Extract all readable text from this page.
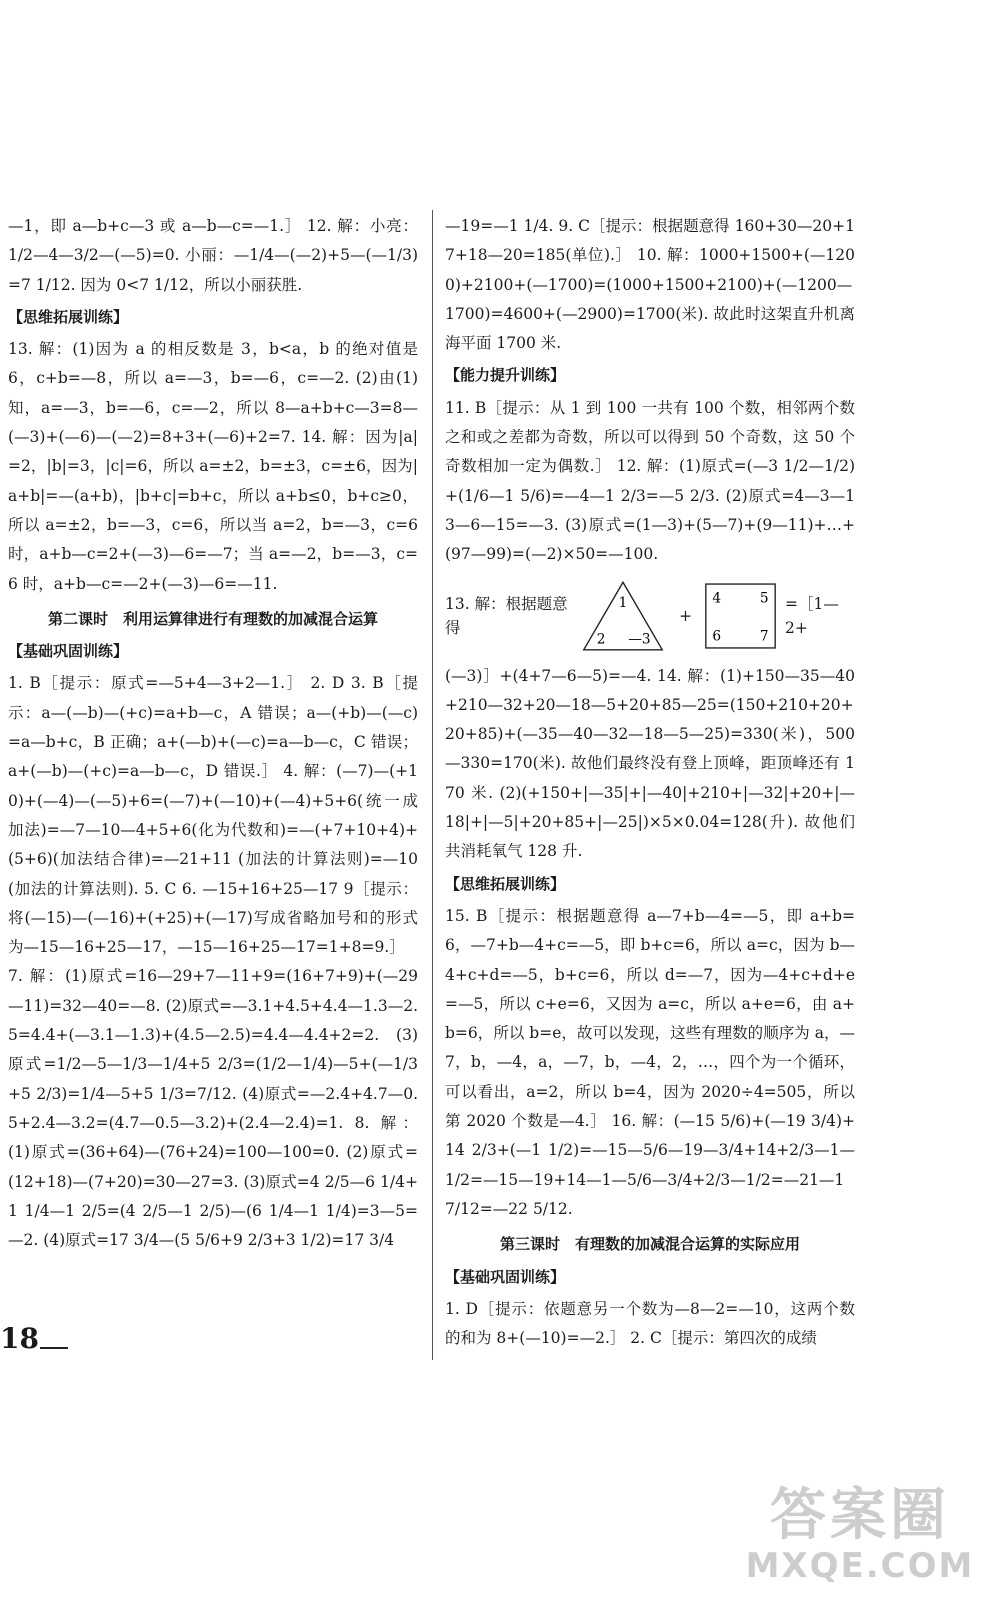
—1，即 a—b+c—3 或 a—b—c=—1.］ 12. 解：小亮：1/2—4—3/2—(—5)=0. 小丽：—1/4—(—2)+5—(—1/3)=7 1/12. 因为 0<7 1/12，所以小丽获胜.

【思维拓展训练】

13. 解：(1)因为 a 的相反数是 3，b<a，b 的绝对值是 6，c+b=—8，所以 a=—3，b=—6，c=—2. (2)由(1)知，a=—3，b=—6，c=—2，所以 8—a+b+c—3=8—(—3)+(—6)—(—2)=8+3+(—6)+2=7. 14. 解：因为|a|=2，|b|=3，|c|=6，所以 a=±2，b=±3，c=±6，因为|a+b|=—(a+b)，|b+c|=b+c，所以 a+b≤0，b+c≥0，所以 a=±2，b=—3，c=6，所以当 a=2，b=—3，c=6 时，a+b—c=2+(—3)—6=—7；当 a=—2，b=—3，c=6 时，a+b—c=—2+(—3)—6=—11.

第二课时　利用运算律进行有理数的加减混合运算
【基础巩固训练】

1. B［提示：原式=—5+4—3+2—1.］ 2. D 3. B［提示：a—(—b)—(+c)=a+b—c，A 错误；a—(+b)—(—c)=a—b+c，B 正确；a+(—b)+(—c)=a—b—c，C 错误；a+(—b)—(+c)=a—b—c，D 错误.］ 4. 解：(—7)—(+10)+(—4)—(—5)+6=(—7)+(—10)+(—4)+5+6(统一成加法)=—7—10—4+5+6(化为代数和)=—(+7+10+4)+(5+6)(加法结合律)=—21+11 (加法的计算法则)=—10 (加法的计算法则). 5. C 6. —15+16+25—17 9［提示：将(—15)—(—16)+(+25)+(—17)写成省略加号和的形式为—15—16+25—17，—15—16+25—17=1+8=9.］

7. 解：(1)原式=16—29+7—11+9=(16+7+9)+(—29—11)=32—40=—8. (2)原式=—3.1+4.5+4.4—1.3—2.5=4.4+(—3.1—1.3)+(4.5—2.5)=4.4—4.4+2=2. (3)原式=1/2—5—1/3—1/4+5 2/3=(1/2—1/4)—5+(—1/3+5 2/3)=1/4—5+5 1/3=7/12. (4)原式=—2.4+4.7—0.5+2.4—3.2=(4.7—0.5—3.2)+(2.4—2.4)=1. 8. 解：(1)原式=(36+64)—(76+24)=100—100=0. (2)原式=(12+18)—(7+20)=30—27=3. (3)原式=4 2/5—6 1/4+1 1/4—1 2/5=(4 2/5—1 2/5)—(6 1/4—1 1/4)=3—5=—2. (4)原式=17 3/4—(5 5/6+9 2/3+3 1/2)=17 3/4

—19=—1 1/4. 9. C［提示：根据题意得 160+30—20+17+18—20=185(单位).］ 10. 解：1000+1500+(—1200)+2100+(—1700)=(1000+1500+2100)+(—1200—1700)=4600+(—2900)=1700(米). 故此时这架直升机离海平面 1700 米.

【能力提升训练】

11. B［提示：从 1 到 100 一共有 100 个数，相邻两个数之和或之差都为奇数，所以可以得到 50 个奇数，这 50 个奇数相加一定为偶数.］ 12. 解：(1)原式=(—3 1/2—1/2)+(1/6—1 5/6)=—4—1 2/3=—5 2/3. (2)原式=4—3—13—6—15=—3. (3)原式=(1—3)+(5—7)+(9—11)+…+(97—99)=(—2)×50=—100.

13. 解：根据题意得
1
2 —3
+
4	5
6	7
=［1—2+

(—3)］+(4+7—6—5)=—4. 14. 解：(1)+150—35—40+210—32+20—18—5+20+85—25=(150+210+20+20+85)+(—35—40—32—18—5—25)=330(米)，500—330=170(米). 故他们最终没有登上顶峰，距顶峰还有 170 米. (2)(+150+|—35|+|—40|+210+|—32|+20+|—18|+|—5|+20+85+|—25|)×5×0.04=128(升). 故他们共消耗氧气 128 升.

【思维拓展训练】

15. B［提示：根据题意得 a—7+b—4=—5，即 a+b=6，—7+b—4+c=—5，即 b+c=6，所以 a=c，因为 b—4+c+d=—5，b+c=6，所以 d=—7，因为—4+c+d+e=—5，所以 c+e=6，又因为 a=c，所以 a+e=6，由 a+b=6，所以 b=e，故可以发现，这些有理数的顺序为 a，—7，b，—4，a，—7，b，—4，2，…，四个为一个循环，可以看出，a=2，所以 b=4，因为 2020÷4=505，所以第 2020 个数是—4.］ 16. 解：(—15 5/6)+(—19 3/4)+14 2/3+(—1 1/2)=—15—5/6—19—3/4+14+2/3—1—1/2=—15—19+14—1—5/6—3/4+2/3—1/2=—21—17/12=—22 5/12.

第三课时　有理数的加减混合运算的实际应用
【基础巩固训练】

1. D［提示：依题意另一个数为—8—2=—10，这两个数的和为 8+(—10)=—2.］ 2. C［提示：第四次的成绩

18
答案圈
MXQE.COM
